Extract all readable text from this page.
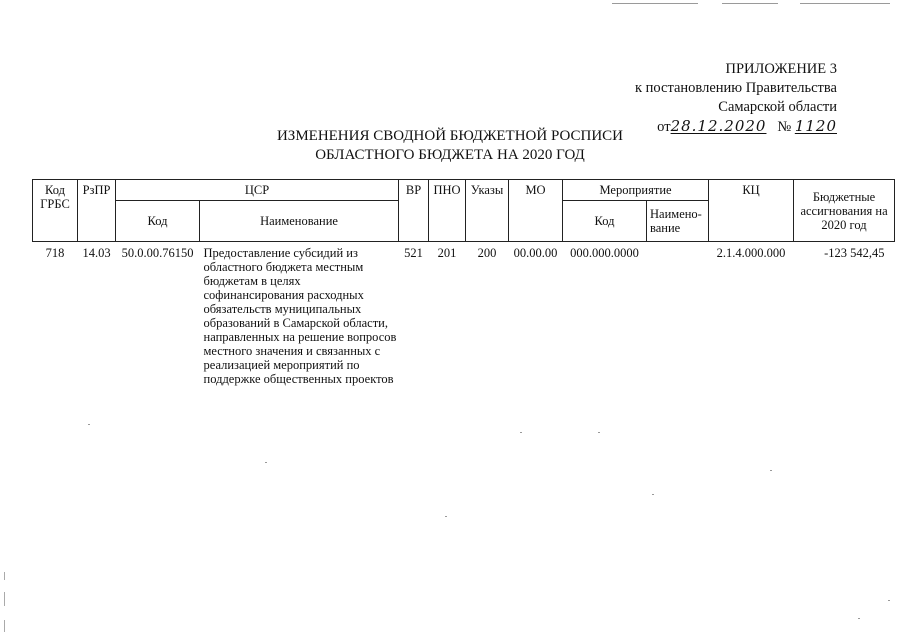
ПРИЛОЖЕНИЕ 3
к постановлению Правительства
Самарской области
от28.12.2020 № 1120
ИЗМЕНЕНИЯ СВОДНОЙ БЮДЖЕТНОЙ РОСПИСИ
ОБЛАСТНОГО БЮДЖЕТА НА 2020 ГОД
Код ГРБС	РзПР	ЦСР		ВР	ПНО	Указы	МО	Мероприятие		КЦ	Бюджетные ассигнования на 2020 год
		Код	Наименование					Код	Наимено-вание		
718	14.03	50.0.00.76150	Предоставление субсидий из областного бюджета местным бюджетам в целях софинансирования расходных обязательств муниципальных образований в Самарской области, направленных на решение вопросов местного значения и связанных с реализацией мероприятий по поддержке общественных проектов	521	201	200	00.00.00	000.000.0000		2.1.4.000.000	-123 542,45
